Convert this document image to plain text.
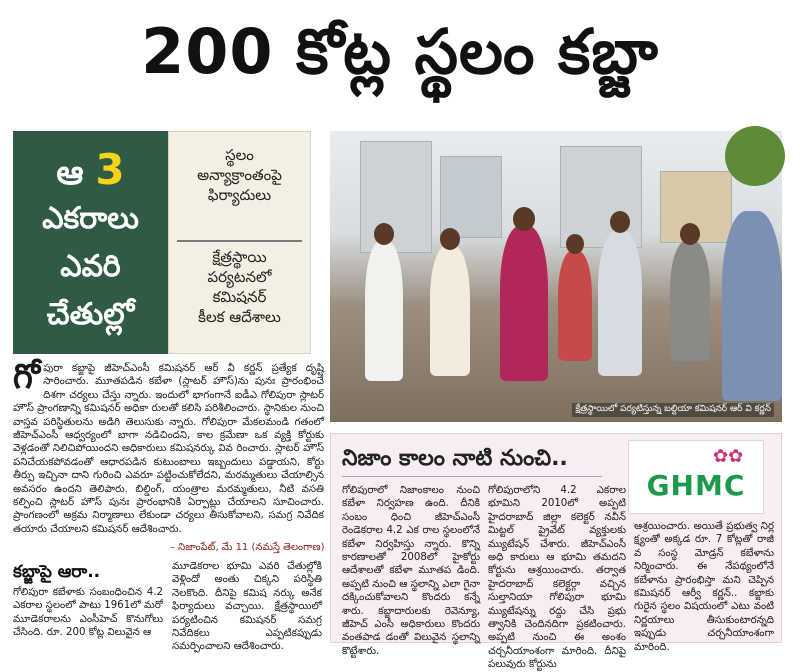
200 కోట్ల స్థలం కబ్జా
ఆ 3
ఎకరాలు
ఎవరి
చేతుల్లో
స్థలం
అన్యాక్రాంతంపై
ఫిర్యాదులు
క్షేత్రస్థాయి
పర్యటనలో
కమిషనర్
కీలక ఆదేశాలు
క్షేత్రస్థాయిలో పర్యటిస్తున్న బల్దియా కమిషనర్ ఆర్ వి కర్ణన్
గోపురా కబ్జాపై జీహెచ్ఎంసీ కమిషనర్ ఆర్ వీ కర్ణన్ ప్రత్యేక దృష్టి సారించారు. మూతపడిన కబేళా (స్లాటర్ హౌస్)ను పునః ప్రారంభించే దిశగా చర్యలు చేస్తు న్నారు. ఇందులో భాగంగానే ఐడీఎ గోలిపురా స్లాటర్ హౌస్ ప్రాంగణాన్ని కమిషనర్ అధికా రులతో కలిసి పరిశీలించారు. స్థానికుల నుంచి వాస్తవ పరిస్థితులను అడిగి తెలుసుకు న్నారు. గోలిపురా మేకలమండి గతంలో జీహెచ్ఎంసీ ఆధ్వర్యంలో బాగా నడిచిందని, కాల క్రమేణా ఒక వ్యక్తి కోర్టుకు వెళ్లడంతో నిలిచిపోయిందని అధికారులు కమిషనర్కు వివ రించారు. స్లాటర్ హౌస్ పనిచేయకపోవడంతో ఆధారపడిన కుటుంబాలు ఇబ్బందులు పడ్డాయని, కోర్టు తీర్పు ఇచ్చినా దాని గురించి ఎవరూ పట్టించుకోలేదని, మరమ్మతులు చేయాల్సిన అవసరం ఉందని తెలిపారు. బిల్డింగ్, యంత్రాల మరమ్మతులు, నీటి వసతి కల్పించి స్లాటర్ హౌస్ పునః ప్రారంభానికి ఏర్పాట్లు చేయాలని సూచించారు. ప్రాంగణంలో అక్రమ నిర్మాణాలు లేకుండా చర్యలు తీసుకోవాలని, సమగ్ర నివేదిక తయారు చేయాలని కమిషనర్ ఆదేశించారు.
– నిజాంపేట్, మే 11 (నమస్తే తెలంగాణ)
కబ్జాపై ఆరా..
గోలిపురా కబేళాకు సంబంధించిన 4.2 ఎకరాల స్థలంలో పాటు 1961లో మరో మూడెకరాలను ఎంసీహెచ్ కొనుగోలు చేసింది. రూ. 200 కోట్ల విలువైన ఆ
మూడెకరాల భూమి ఎవరి చేతుల్లోకి వెళ్లిందో అంతు చిక్కని పరిస్థితి నెలకొంది. దీనిపై కమిష నర్కు అనేక ఫిర్యాదులు వచ్చాయి. క్షేత్రస్థాయిలో పర్యటించిన కమిషనర్ సమగ్ర నివేదికలు ఎప్పటికప్పుడు సమర్పించాలని ఆదేశించారు.
నిజాం కాలం నాటి నుంచి..	✿✿
GHMC
గోలిపురాలో నిజాంకాలం నుంచి కబేళా నిర్వహణ ఉంది. దీనికి సంబం ధించి జీహెచ్ఎంసీ రెండెకరాల 4.2 ఎక రాల స్థలంలోనే కబేళా నిర్వహిస్తు న్నారు. కొన్ని కారణాలతో 2008లో హైకోర్టు ఆదేశాలతో కబేళా మూతప డింది. అప్పటి నుంచి ఆ స్థలాన్ని ఎలా గైనా దక్కించుకోవాలని కొందరు కన్నే శారు. కబ్జాదారులకు రెవెన్యూ, జీహెచ్ ఎంసీ అధికారులు కొందరు వంతపాడ డంతో విలువైన స్థలాన్ని కొట్టేశారు.
గోలిపురాలోని 4.2 ఎకరాల భూమిని 2010లో అప్పటి హైదరాబాద్ జిల్లా కలెక్టర్ నవీన్ మిట్టల్ ప్రైవేట్ వ్యక్తులకు మ్యుటేషన్ చేశారు. జీహెచ్ఎంసీ అధి కారులు ఆ భూమి తమదని కోర్టును ఆశ్రయించారు. తర్వాత హైదరాబాద్ కలెక్టర్గా వచ్చిన సుల్తానియా గోలిపురా భూమి మ్యుటేషన్ను రద్దు చేసి ప్రభు త్వానికి చెందినదిగా ప్రకటించారు. అప్పటి నుంచి ఈ అంశం చర్చనీయాంశంగా మారింది. దీనిపై పలువురు కోర్టును
ఆశ్రయించారు. అయితే ప్రభుత్వ నిర్ల క్ష్యంతో అక్కడ రూ. 7 కోట్లతో రాజీ వ సంస్థ మోడ్రన్ కబేళాను నిర్మించారు. ఈ నేపథ్యంలోనే కబేళాను ప్రారంభిస్తా మని చెప్పిన కమిషనర్ ఆర్వీ కర్ణన్.. కబ్జాకు గురైన స్థలం విషయంలో ఎటు వంటి నిర్ణయాలు తీసుకుంటారన్నది ఇప్పుడు చర్చనీయాంశంగా మారింది.
